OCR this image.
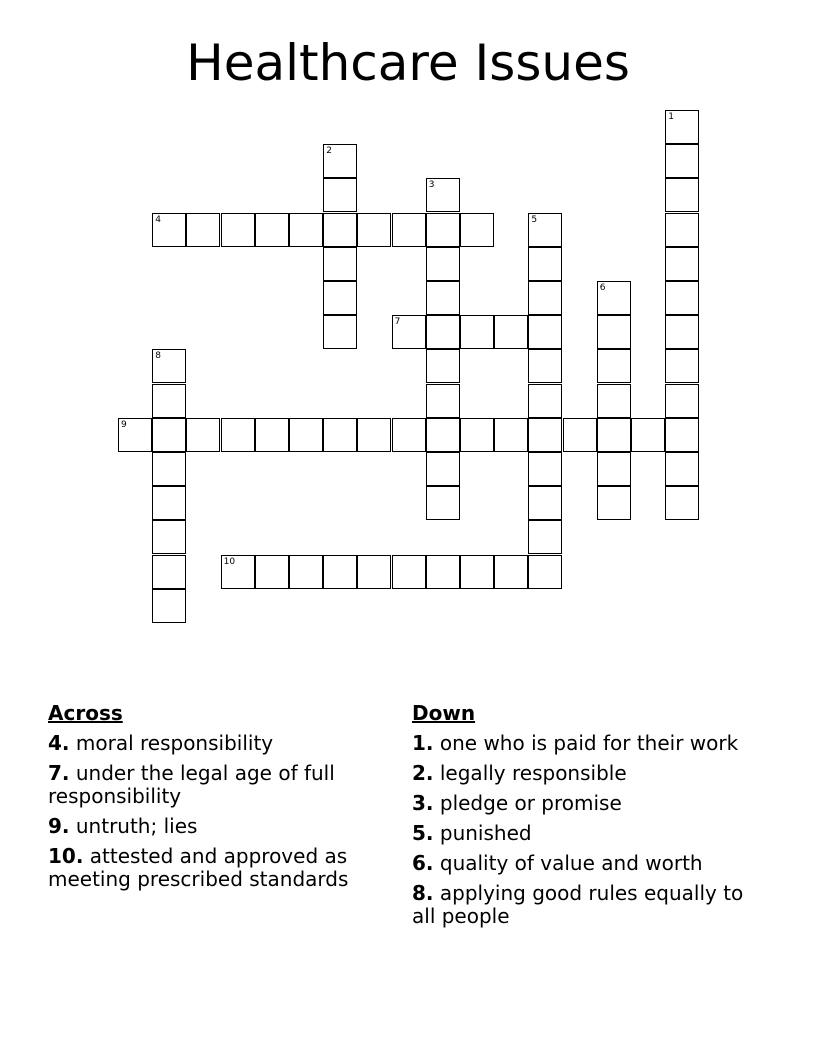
Healthcare Issues
1
2
3
4	5
6
7
8
9
10
Across
4. moral responsibility
7. under the legal age of full responsibility
9. untruth; lies
10. attested and approved as meeting prescribed standards
Down
1. one who is paid for their work
2. legally responsible
3. pledge or promise
5. punished
6. quality of value and worth
8. applying good rules equally to all people
